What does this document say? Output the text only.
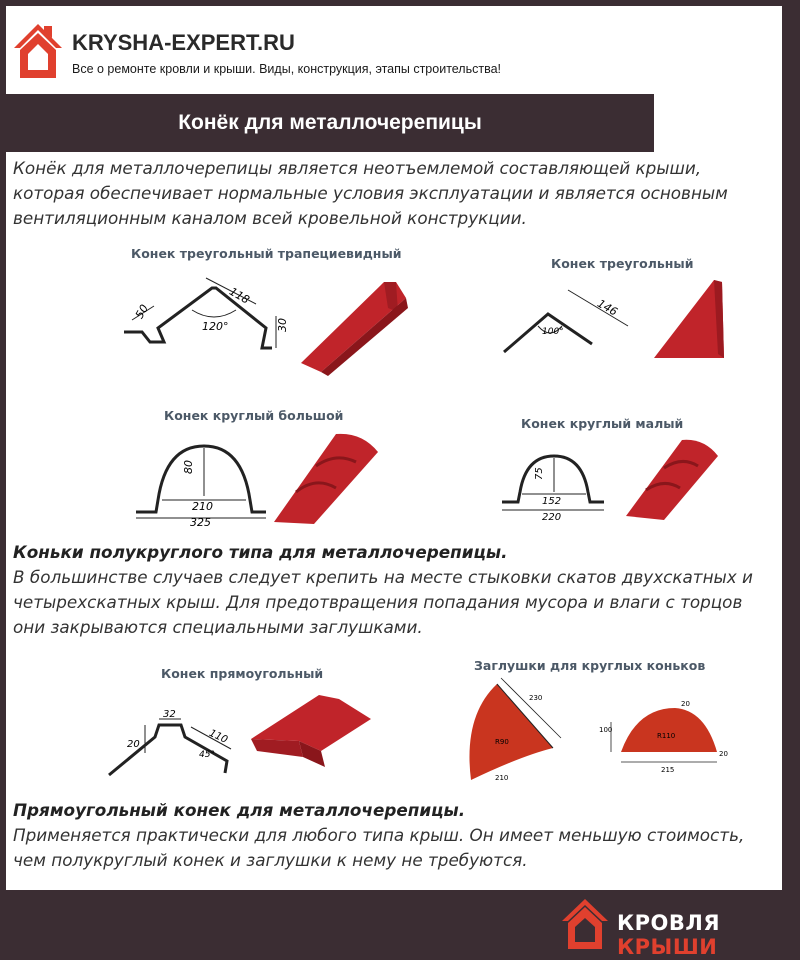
KRYSHA-EXPERT.RU
Все о ремонте кровли и крыши. Виды, конструкция, этапы строительства!
Конёк для металлочерепицы
Конёк для металлочерепицы является неотъемлемой составляющей крыши, которая обеспечивает нормальные условия эксплуатации и является основным вентиляционным каналом всей кровельной конструкции.
Конек треугольный трапециевидный
50
118
120°	30
Конек треугольный
146
100°
Конек круглый большой
80
210
325
Конек круглый малый
75
152
220
Коньки полукруглого типа для металлочерепицы.
В большинстве случаев следует крепить на месте стыковки скатов двухскатных и четырехскатных крыш. Для предотвращения попадания мусора и влаги с торцов они закрываются специальными заглушками.
Конек прямоугольный
32
110
20
45°
Заглушки для круглых коньков
230
R90
210
20
100
R110
20
215
Прямоугольный конек для металлочерепицы.
Применяется практически для любого типа крыш. Он имеет меньшую стоимость, чем полукруглый конек и заглушки к нему не требуются.
КРОВЛЯ КРЫШИ
